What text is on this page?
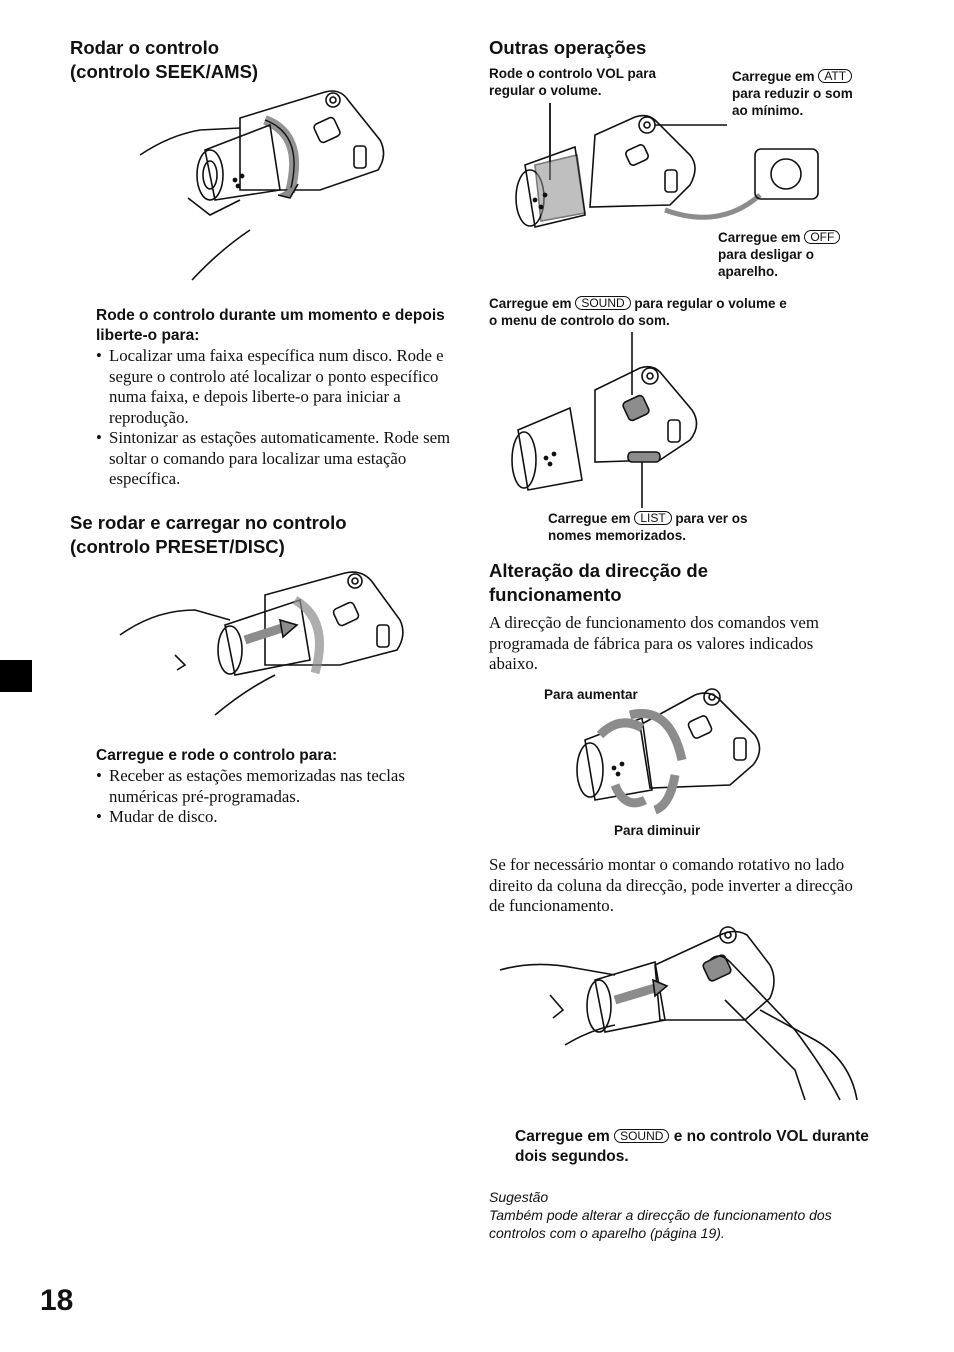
Rodar o controlo
(controlo SEEK/AMS)
Rode o controlo durante um momento e depois liberte-o para:
• Localizar uma faixa específica num disco. Rode e segure o controlo até localizar o ponto específico numa faixa, e depois liberte-o para iniciar a reprodução.
• Sintonizar as estações automaticamente. Rode sem soltar o comando para localizar uma estação específica.
Se rodar e carregar no controlo
(controlo PRESET/DISC)
Carregue e rode o controlo para:
• Receber as estações memorizadas nas teclas numéricas pré-programadas.
• Mudar de disco.
18
Outras operações
Rode o controlo VOL para regular o volume.
Carregue em ATT para reduzir o som ao mínimo.
Carregue em OFF para desligar o aparelho.
Carregue em SOUND para regular o volume e o menu de controlo do som.
Carregue em LIST para ver os nomes memorizados.
Alteração da direcção de
funcionamento
A direcção de funcionamento dos comandos vem programada de fábrica para os valores indicados abaixo.
Para aumentar
Para diminuir
Se for necessário montar o comando rotativo no lado direito da coluna da direcção, pode inverter a direcção de funcionamento.
Carregue em SOUND e no controlo VOL durante dois segundos.
Sugestão
Também pode alterar a direcção de funcionamento dos controlos com o aparelho (página 19).
